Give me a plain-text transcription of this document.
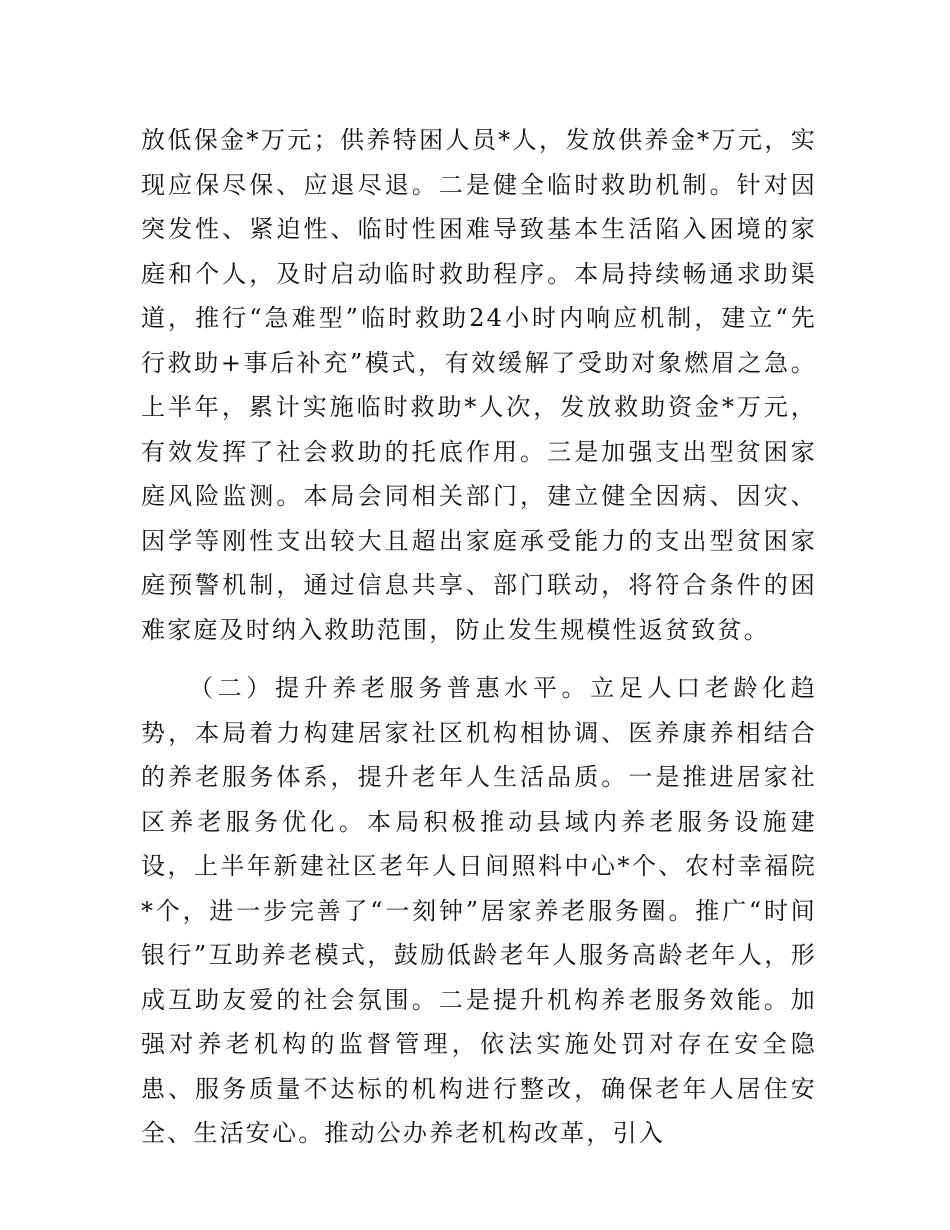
放低保金*万元；供养特困人员*人，发放供养金*万元，实现应保尽保、应退尽退。二是健全临时救助机制。针对因突发性、紧迫性、临时性困难导致基本生活陷入困境的家庭和个人，及时启动临时救助程序。本局持续畅通求助渠道，推行“急难型”临时救助24小时内响应机制，建立“先行救助+事后补充”模式，有效缓解了受助对象燃眉之急。上半年，累计实施临时救助*人次，发放救助资金*万元，有效发挥了社会救助的托底作用。三是加强支出型贫困家庭风险监测。本局会同相关部门，建立健全因病、因灾、因学等刚性支出较大且超出家庭承受能力的支出型贫困家庭预警机制，通过信息共享、部门联动，将符合条件的困难家庭及时纳入救助范围，防止发生规模性返贫致贫。

（二）提升养老服务普惠水平。立足人口老龄化趋势，本局着力构建居家社区机构相协调、医养康养相结合的养老服务体系，提升老年人生活品质。一是推进居家社区养老服务优化。本局积极推动县域内养老服务设施建设，上半年新建社区老年人日间照料中心*个、农村幸福院*个，进一步完善了“一刻钟”居家养老服务圈。推广“时间银行”互助养老模式，鼓励低龄老年人服务高龄老年人，形成互助友爱的社会氛围。二是提升机构养老服务效能。加强对养老机构的监督管理，依法实施处罚对存在安全隐患、服务质量不达标的机构进行整改，确保老年人居住安全、生活安心。推动公办养老机构改革，引入
